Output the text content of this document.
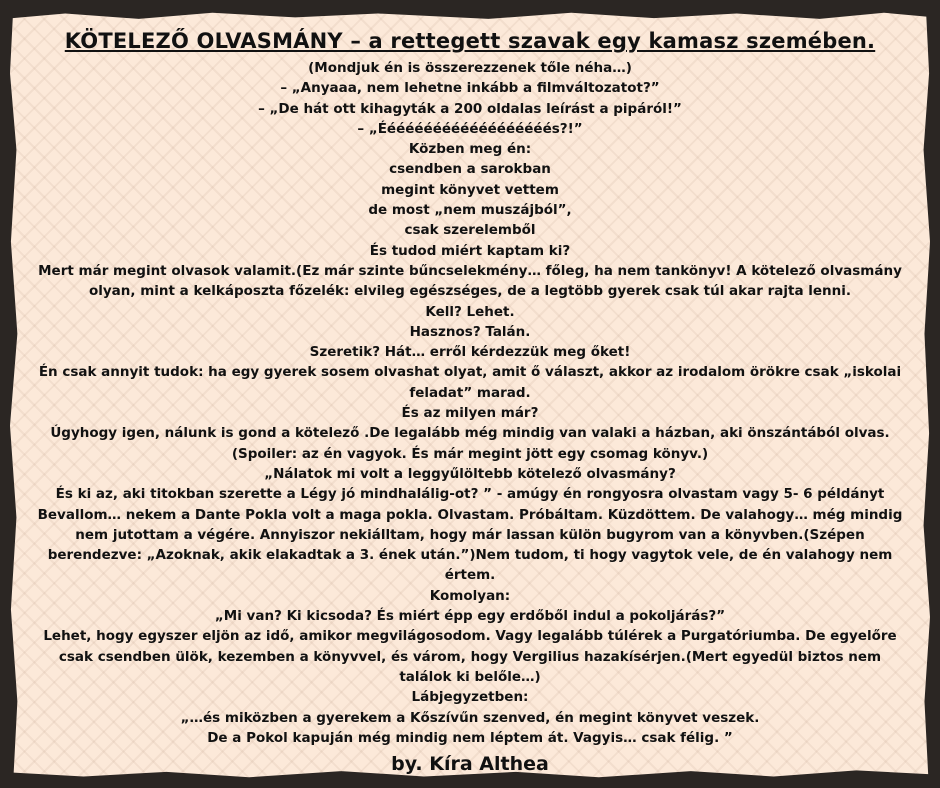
KÖTELEZŐ OLVASMÁNY – a rettegett szavak egy kamasz szemében.
(Mondjuk én is összerezzenek tőle néha…)
– „Anyaaa, nem lehetne inkább a filmváltozatot?”
– „De hát ott kihagyták a 200 oldalas leírást a pipáról!”
– „Ééééééééééééééééééés?!”
Közben meg én:
csendben a sarokban
megint könyvet vettem
de most „nem muszájból”,
csak szerelemből
És tudod miért kaptam ki?
Mert már megint olvasok valamit.(Ez már szinte bűncselekmény… főleg, ha nem tankönyv! A kötelező olvasmány olyan, mint a kelkáposzta főzelék: elvileg egészséges, de a legtöbb gyerek csak túl akar rajta lenni.
Kell? Lehet.
Hasznos? Talán.
Szeretik? Hát… erről kérdezzük meg őket!
Én csak annyit tudok: ha egy gyerek sosem olvashat olyat, amit ő választ, akkor az irodalom örökre csak „iskolai feladat” marad.
És az milyen már?
Úgyhogy igen, nálunk is gond a kötelező .De legalább még mindig van valaki a házban, aki önszántából olvas.
(Spoiler: az én vagyok. És már megint jött egy csomag könyv.)
„Nálatok mi volt a leggyűlöltebb kötelező olvasmány?
És ki az, aki titokban szerette a Légy jó mindhalálig-ot? ” - amúgy én rongyosra olvastam vagy 5- 6 példányt
Bevallom… nekem a Dante Pokla volt a maga pokla. Olvastam. Próbáltam. Küzdöttem. De valahogy… még mindig nem jutottam a végére. Annyiszor nekiálltam, hogy már lassan külön bugyrom van a könyvben.(Szépen berendezve: „Azoknak, akik elakadtak a 3. ének után.”)Nem tudom, ti hogy vagytok vele, de én valahogy nem értem.
Komolyan:
„Mi van? Ki kicsoda? És miért épp egy erdőből indul a pokoljárás?”
Lehet, hogy egyszer eljön az idő, amikor megvilágosodom. Vagy legalább túlérek a Purgatóriumba. De egyelőre csak csendben ülök, kezemben a könyvvel, és várom, hogy Vergilius hazakísérjen.(Mert egyedül biztos nem találok ki belőle…)
Lábjegyzetben:
„…és miközben a gyerekem a Kőszívűn szenved, én megint könyvet veszek.
De a Pokol kapuján még mindig nem léptem át. Vagyis… csak félig. ”
by. Kíra Althea
